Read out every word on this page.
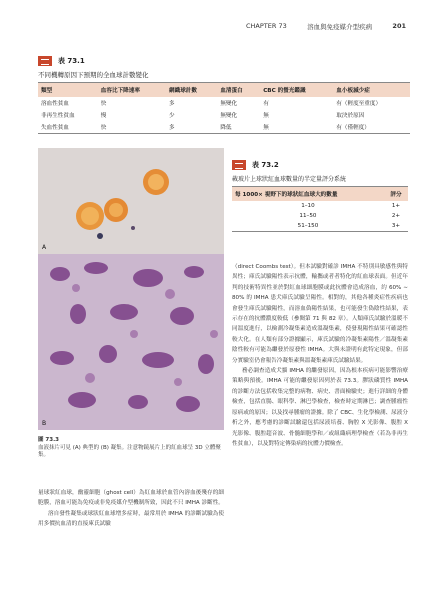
CHAPTER 73	溶血與免疫媒介型疾病	201
表 73.1
不同機轉原因下預期的全血球計數變化
類型	血容比下降速率	網織球計數	血清蛋白	CBC 的螢光鑑識	血小板減少症
溶血性貧血	快	多	無變化	有	有（輕度至重度）
非再生性貧血	慢	少	無變化	無	取決於原因
失血性貧血	快	多	降低	無	有（僅輕度）
A
B
圖 73.3
血液抹片可見 (A) 典型的 (B) 凝集。注意物鏡展片上的紅血球呈 3D 立體聚集。
表 73.2
載玻片上球狀紅血球數量的半定量評分系統
每 1000× 視野下的球狀紅血球大約數量	評分
1–10	1+
11–50	2+
51–150	3+

（direct Coombs test）。但本試驗對確診 IMHA 不特別具敏感性與特異性；庫氏試驗陽性表示抗體，輸攜或者者特化的紅血球表面。但近年判的技術特異性並於對紅血球細胞膜或此抗體會造成溶血，約 60% ∼ 80% 的 IMHA 患犬庫氏試驗呈陽性。相對的，其他各種炎症性疾病也會發生庫氏試驗陽性，而溶血偽陽性結果，也可能發生偽陰性結果，表示存在的抗體濃度較低（參閱第 71 與 82 章）。人類庫氏試驗於溫暖不同溫度進行，以檢測冷凝集素造成溫凝集素，使發現陽性結果可確認性較大化。在人類有部分證據顯示，庫氏試驗的冷凝集素陽性／溫凝集素陰性較有可能為繼發於原發性 IMHA。大與未證明有此特定現象，但部分實驗室仍會報告冷凝集素與溫凝集素庫氏試驗結果。

務必調查造成犬貓 IMHA 的繼發原因，因為根本疾病可能影響治療策略與預後。IMHA 可能的繼發原因列於表 73.3。膠狀磷質性 IMHA 的診斷方法包括收集完整的病物、病史、書面檢驗史；進行詳細的身體檢查，包括直腸、眼科學、淋巴學檢查，檢查時定期淋巴；調查腫瘤性原病或的原因；以及找尋腫瘤的證據。除了 CBC、生化學檢測、尿液分析之外，應考慮的診斷試驗還包括尿液培養、胸腔 X 光影像、腹腔 X 光影像、腹腔超音波、骨髓細胞學和／或組織病理學檢查（若為非再生性貧血），以及對特定傳染病的抗體力價檢查。

量球狀紅血球，幽靈細胞（ghost cell）為紅血球於血管內溶血後殘存的細胞膜，溶血可能為免疫或非免疫媒介型機制所致，因此不只 IMHA 診斷性。

溶自發性凝集或球狀紅血球增多症時，最常用於 IMHA 的診斷試驗為使用多價抗血清的直接庫氏試驗
